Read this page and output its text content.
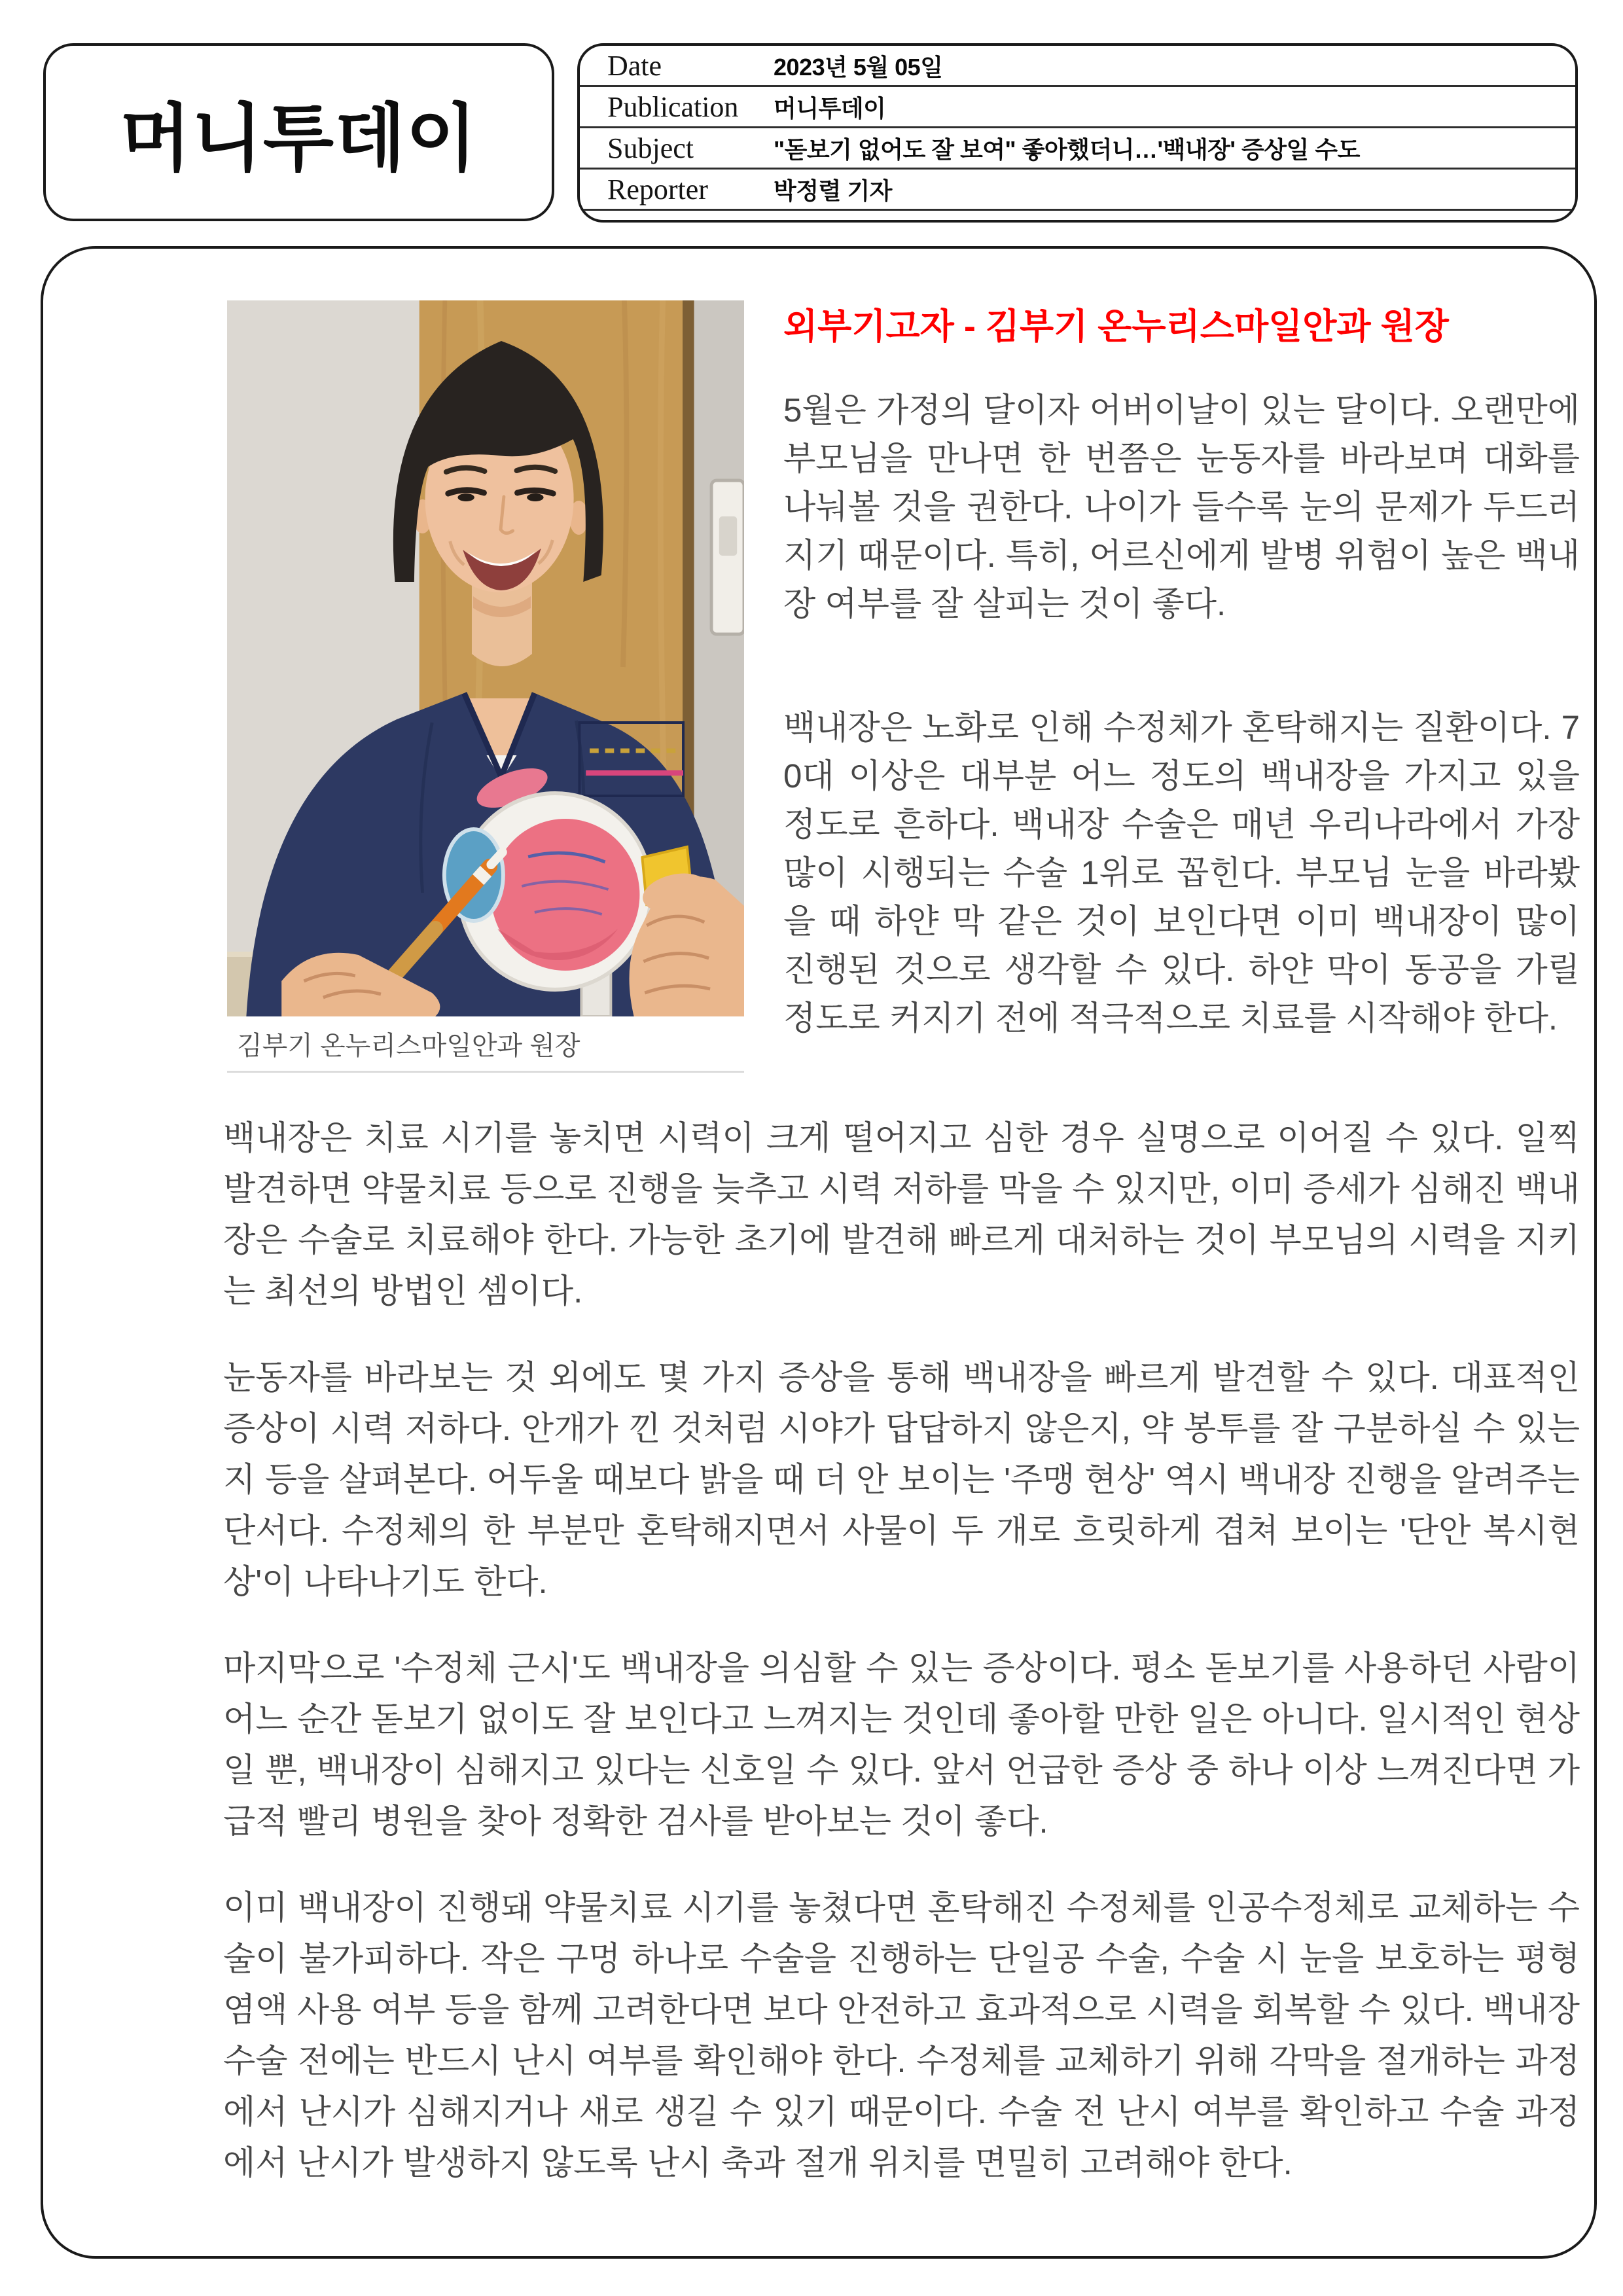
머니투데이
Date	2023년 5월 05일
Publication	머니투데이
Subject	"돋보기 없어도 잘 보여" 좋아했더니…'백내장' 증상일 수도
Reporter	박정렬 기자
김부기 온누리스마일안과 원장
외부기고자 - 김부기 온누리스마일안과 원장

5월은 가정의 달이자 어버이날이 있는 달이다. 오랜만에 부모님을 만나면 한 번쯤은 눈동자를 바라보며 대화를 나눠볼 것을 권한다. 나이가 들수록 눈의 문제가 두드러지기 때문이다. 특히, 어르신에게 발병 위험이 높은 백내장 여부를 잘 살피는 것이 좋다.

백내장은 노화로 인해 수정체가 혼탁해지는 질환이다. 70대 이상은 대부분 어느 정도의 백내장을 가지고 있을 정도로 흔하다. 백내장 수술은 매년 우리나라에서 가장 많이 시행되는 수술 1위로 꼽힌다. 부모님 눈을 바라봤을 때 하얀 막 같은 것이 보인다면 이미 백내장이 많이 진행된 것으로 생각할 수 있다. 하얀 막이 동공을 가릴 정도로 커지기 전에 적극적으로 치료를 시작해야 한다.

백내장은 치료 시기를 놓치면 시력이 크게 떨어지고 심한 경우 실명으로 이어질 수 있다. 일찍 발견하면 약물치료 등으로 진행을 늦추고 시력 저하를 막을 수 있지만, 이미 증세가 심해진 백내장은 수술로 치료해야 한다. 가능한 초기에 발견해 빠르게 대처하는 것이 부모님의 시력을 지키는 최선의 방법인 셈이다.

눈동자를 바라보는 것 외에도 몇 가지 증상을 통해 백내장을 빠르게 발견할 수 있다. 대표적인 증상이 시력 저하다. 안개가 낀 것처럼 시야가 답답하지 않은지, 약 봉투를 잘 구분하실 수 있는지 등을 살펴본다. 어두울 때보다 밝을 때 더 안 보이는 '주맹 현상' 역시 백내장 진행을 알려주는 단서다. 수정체의 한 부분만 혼탁해지면서 사물이 두 개로 흐릿하게 겹쳐 보이는 '단안 복시현상'이 나타나기도 한다.

마지막으로 '수정체 근시'도 백내장을 의심할 수 있는 증상이다. 평소 돋보기를 사용하던 사람이 어느 순간 돋보기 없이도 잘 보인다고 느껴지는 것인데 좋아할 만한 일은 아니다. 일시적인 현상일 뿐, 백내장이 심해지고 있다는 신호일 수 있다. 앞서 언급한 증상 중 하나 이상 느껴진다면 가급적 빨리 병원을 찾아 정확한 검사를 받아보는 것이 좋다.

이미 백내장이 진행돼 약물치료 시기를 놓쳤다면 혼탁해진 수정체를 인공수정체로 교체하는 수술이 불가피하다. 작은 구멍 하나로 수술을 진행하는 단일공 수술, 수술 시 눈을 보호하는 평형염액 사용 여부 등을 함께 고려한다면 보다 안전하고 효과적으로 시력을 회복할 수 있다. 백내장 수술 전에는 반드시 난시 여부를 확인해야 한다. 수정체를 교체하기 위해 각막을 절개하는 과정에서 난시가 심해지거나 새로 생길 수 있기 때문이다. 수술 전 난시 여부를 확인하고 수술 과정에서 난시가 발생하지 않도록 난시 축과 절개 위치를 면밀히 고려해야 한다.
